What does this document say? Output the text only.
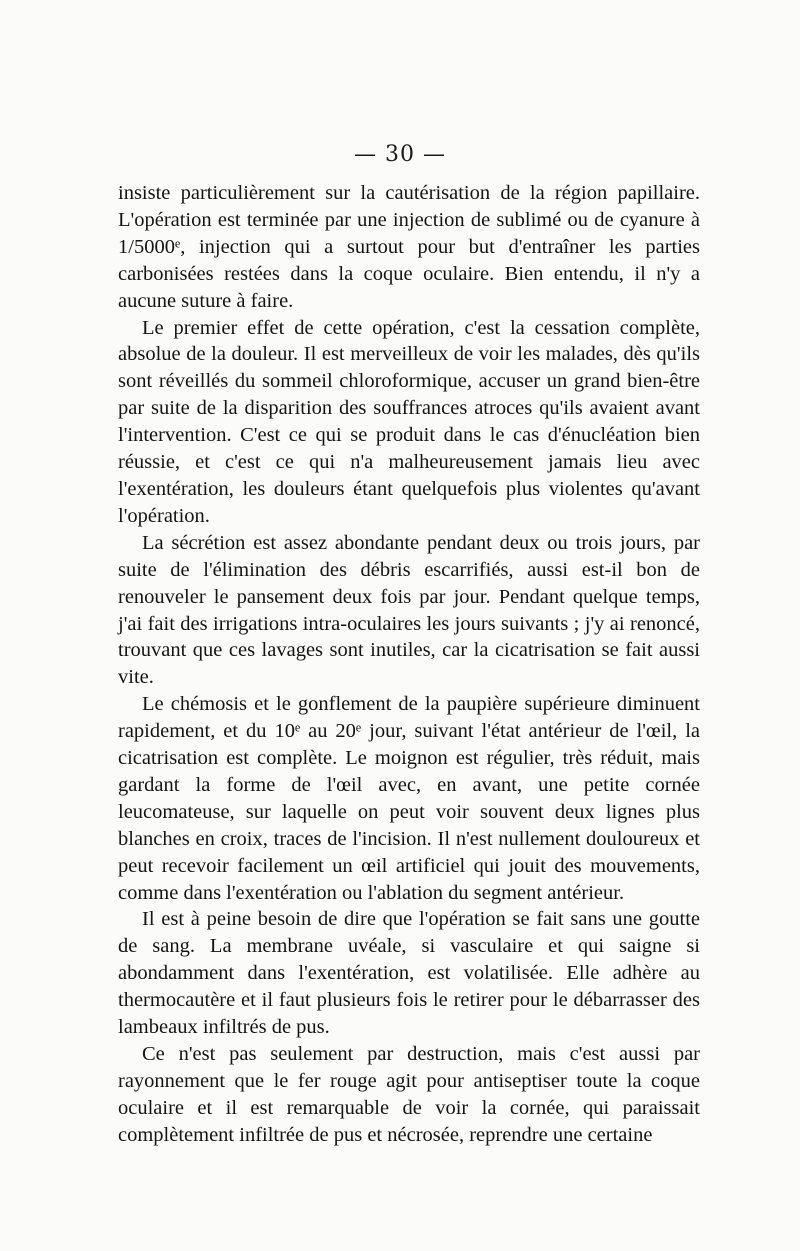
— 30 —

insiste particulièrement sur la cautérisation de la région papillaire. L'opération est terminée par une injection de sublimé ou de cyanure à 1/5000ᵉ, injection qui a surtout pour but d'entraîner les parties carbonisées restées dans la coque oculaire. Bien entendu, il n'y a aucune suture à faire.

Le premier effet de cette opération, c'est la cessation complète, absolue de la douleur. Il est merveilleux de voir les malades, dès qu'ils sont réveillés du sommeil chloroformique, accuser un grand bien-être par suite de la disparition des souffrances atroces qu'ils avaient avant l'intervention. C'est ce qui se produit dans le cas d'énucléation bien réussie, et c'est ce qui n'a malheureusement jamais lieu avec l'exentération, les douleurs étant quelquefois plus violentes qu'avant l'opération.

La sécrétion est assez abondante pendant deux ou trois jours, par suite de l'élimination des débris escarrifiés, aussi est-il bon de renouveler le pansement deux fois par jour. Pendant quelque temps, j'ai fait des irrigations intra-oculaires les jours suivants ; j'y ai renoncé, trouvant que ces lavages sont inutiles, car la cicatrisation se fait aussi vite.

Le chémosis et le gonflement de la paupière supérieure diminuent rapidement, et du 10ᵉ au 20ᵉ jour, suivant l'état antérieur de l'œil, la cicatrisation est complète. Le moignon est régulier, très réduit, mais gardant la forme de l'œil avec, en avant, une petite cornée leucomateuse, sur laquelle on peut voir souvent deux lignes plus blanches en croix, traces de l'incision. Il n'est nullement douloureux et peut recevoir facilement un œil artificiel qui jouit des mouvements, comme dans l'exentération ou l'ablation du segment antérieur.

Il est à peine besoin de dire que l'opération se fait sans une goutte de sang. La membrane uvéale, si vasculaire et qui saigne si abondamment dans l'exentération, est volatilisée. Elle adhère au thermocautère et il faut plusieurs fois le retirer pour le débarrasser des lambeaux infiltrés de pus.

Ce n'est pas seulement par destruction, mais c'est aussi par rayonnement que le fer rouge agit pour antiseptiser toute la coque oculaire et il est remarquable de voir la cornée, qui paraissait complètement infiltrée de pus et nécrosée, reprendre une certaine
